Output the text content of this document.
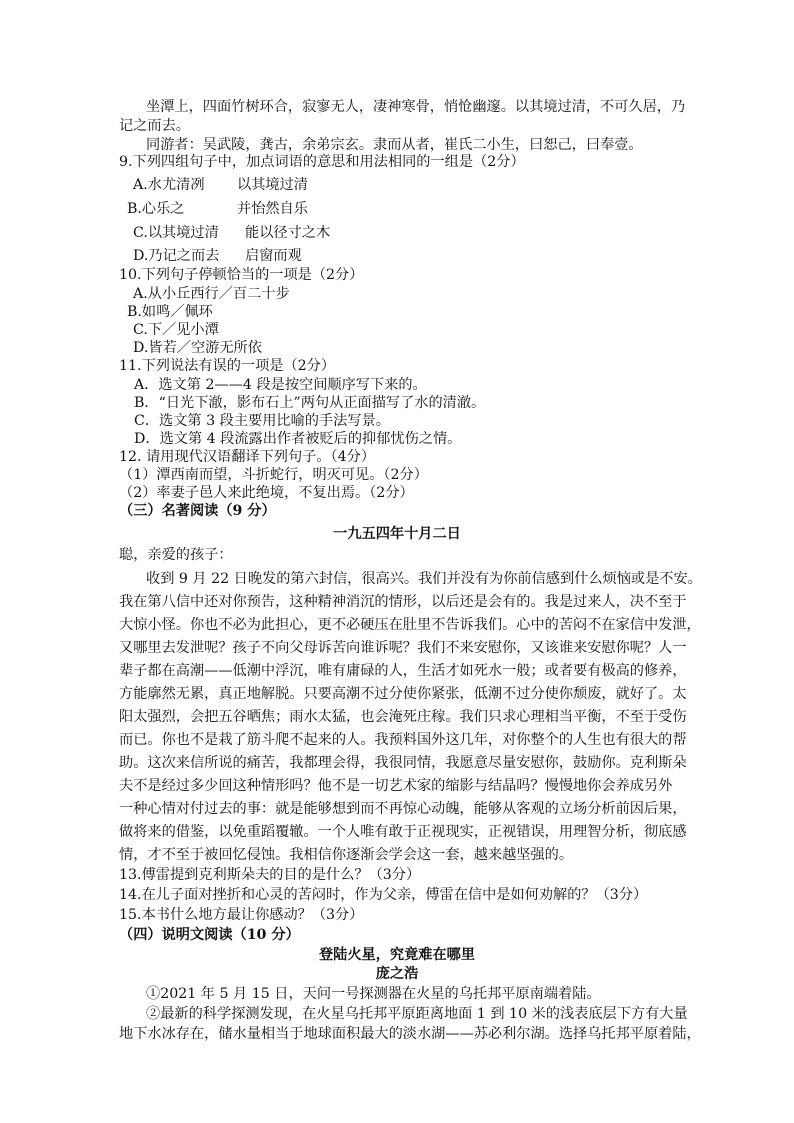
坐潭上，四面竹树环合，寂寥无人，凄神寒骨，悄怆幽邃。以其境过清，不可久居，乃
记之而去。
同游者：吴武陵，龚古，余弟宗玄。隶而从者，崔氏二小生，曰恕己，曰奉壹。
9.下列四组句子中，加点词语的意思和用法相同的一组是（2分）
A.水尤清冽 以其境过清
B.心乐之	并怡然自乐
C.以其境过清 能以径寸之木
D.乃记之而去 启窗而观
10.下列句子停顿恰当的一项是（2分）
A.从小丘西行／百二十步
B.如鸣／佩环
C.下／见小潭
D.皆若／空游无所依
11.下列说法有误的一项是（2分）
A．选文第 2——4 段是按空间顺序写下来的。
B．“日光下澈，影布石上”两句从正面描写了水的清澈。
C．选文第 3 段主要用比喻的手法写景。
D．选文第 4 段流露出作者被贬后的抑郁忧伤之情。
12. 请用现代汉语翻译下列句子。（4分）
（1）潭西南而望，斗折蛇行，明灭可见。（2分）
（2）率妻子邑人来此绝境，不复出焉。（2分）
（三）名著阅读（9 分）
一九五四年十月二日
聪，亲爱的孩子：
收到 9 月 22 日晚发的第六封信，很高兴。我们并没有为你前信感到什么烦恼或是不安。
我在第八信中还对你预告，这种精神消沉的情形，以后还是会有的。我是过来人，决不至于
大惊小怪。你也不必为此担心，更不必硬压在肚里不告诉我们。心中的苦闷不在家信中发泄，
又哪里去发泄呢？孩子不向父母诉苦向谁诉呢？我们不来安慰你，又该谁来安慰你呢？人一
辈子都在高潮——低潮中浮沉，唯有庸碌的人，生活才如死水一般；或者要有极高的修养，
方能廓然无累，真正地解脱。只要高潮不过分使你紧张，低潮不过分使你颓废，就好了。太
阳太强烈，会把五谷晒焦；雨水太猛，也会淹死庄稼。我们只求心理相当平衡，不至于受伤
而已。你也不是栽了筋斗爬不起来的人。我预料国外这几年，对你整个的人生也有很大的帮
助。这次来信所说的痛苦，我都理会得，我很同情，我愿意尽量安慰你，鼓励你。克利斯朵
夫不是经过多少回这种情形吗？他不是一切艺术家的缩影与结晶吗？慢慢地你会养成另外
一种心情对付过去的事：就是能够想到而不再惊心动魄，能够从客观的立场分析前因后果，
做将来的借鉴，以免重蹈覆辙。一个人唯有敢于正视现实，正视错误，用理智分析，彻底感
情，才不至于被回忆侵蚀。我相信你逐渐会学会这一套，越来越坚强的。
13.傅雷提到克利斯朵夫的目的是什么？（3分）
14.在儿子面对挫折和心灵的苦闷时，作为父亲，傅雷在信中是如何劝解的？（3分）
15.本书什么地方最让你感动？（3分）
（四）说明文阅读（10 分）
登陆火星，究竟难在哪里
庞之浩
①2021 年 5 月 15 日，天问一号探测器在火星的乌托邦平原南端着陆。
②最新的科学探测发现，在火星乌托邦平原距离地面 1 到 10 米的浅表底层下方有大量
地下水冰存在，储水量相当于地球面积最大的淡水湖——苏必利尔湖。选择乌托邦平原着陆，
